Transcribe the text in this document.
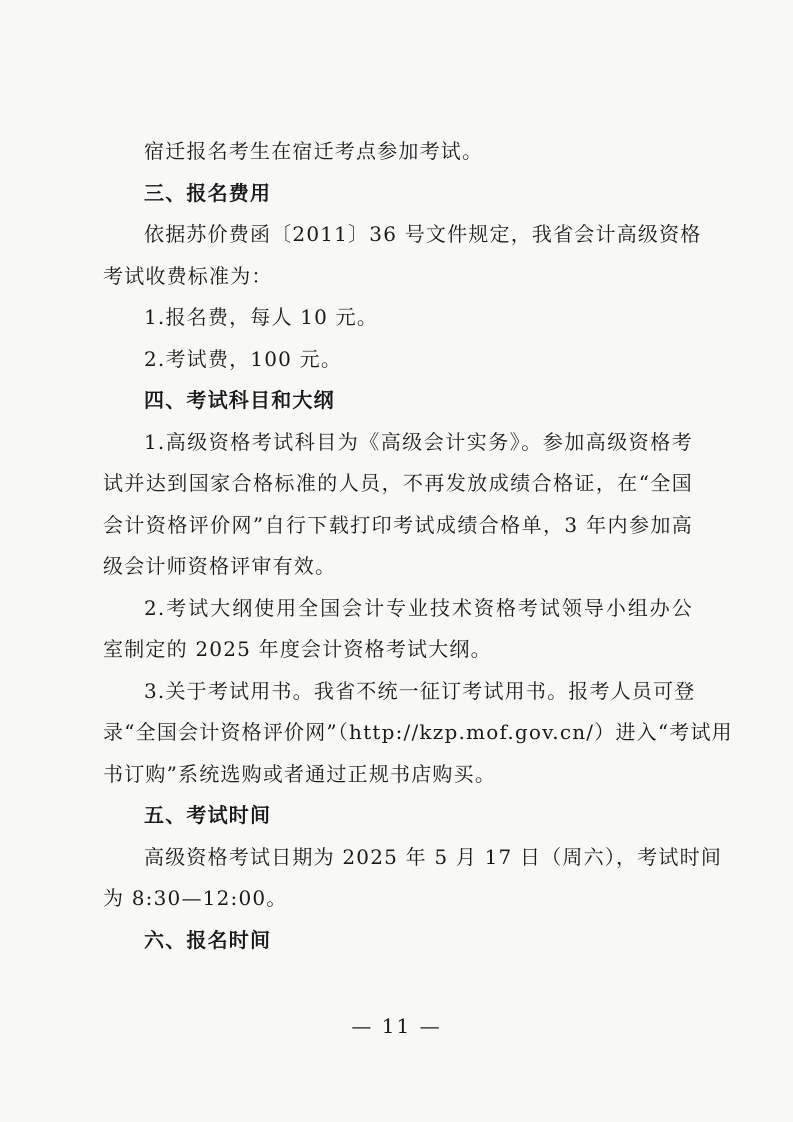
宿迁报名考生在宿迁考点参加考试。
三、报名费用
依据苏价费函〔2011〕36 号文件规定，我省会计高级资格
考试收费标准为：
1.报名费，每人 10 元。
2.考试费，100 元。
四、考试科目和大纲
1.高级资格考试科目为《高级会计实务》。参加高级资格考
试并达到国家合格标准的人员，不再发放成绩合格证，在“全国
会计资格评价网”自行下载打印考试成绩合格单，3 年内参加高
级会计师资格评审有效。
2.考试大纲使用全国会计专业技术资格考试领导小组办公
室制定的 2025 年度会计资格考试大纲。
3.关于考试用书。我省不统一征订考试用书。报考人员可登
录“全国会计资格评价网”（http://kzp.mof.gov.cn/）进入“考试用
书订购”系统选购或者通过正规书店购买。
五、考试时间
高级资格考试日期为 2025 年 5 月 17 日（周六），考试时间
为 8:30—12:00。
六、报名时间
— 11 —
